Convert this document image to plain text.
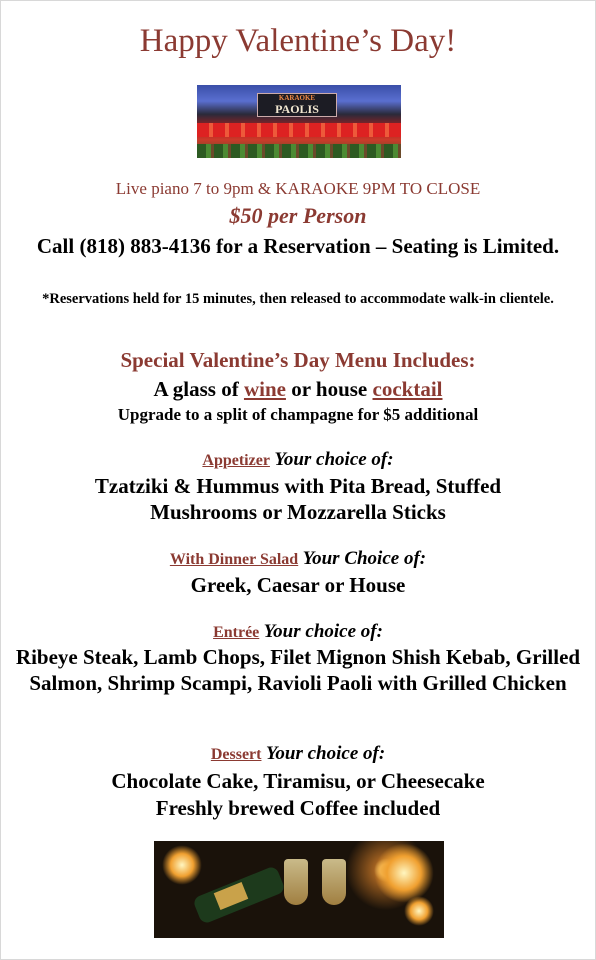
Happy Valentine’s Day!
KARAOKE
PAOLIS
Live piano 7 to 9pm & KARAOKE 9PM TO CLOSE
$50 per Person
Call (818) 883-4136 for a Reservation – Seating is Limited.
*Reservations held for 15 minutes, then released to accommodate walk-in clientele.
Special Valentine’s Day Menu Includes:
A glass of wine or house cocktail
Upgrade to a split of champagne for $5 additional
Appetizer Your choice of:
Tzatziki & Hummus with Pita Bread, Stuffed Mushrooms or Mozzarella Sticks
With Dinner Salad Your Choice of:
Greek, Caesar or House
Entrée Your choice of:
Ribeye Steak, Lamb Chops, Filet Mignon Shish Kebab, Grilled Salmon, Shrimp Scampi, Ravioli Paoli with Grilled Chicken
Dessert Your choice of:
Chocolate Cake, Tiramisu, or Cheesecake
Freshly brewed Coffee included
